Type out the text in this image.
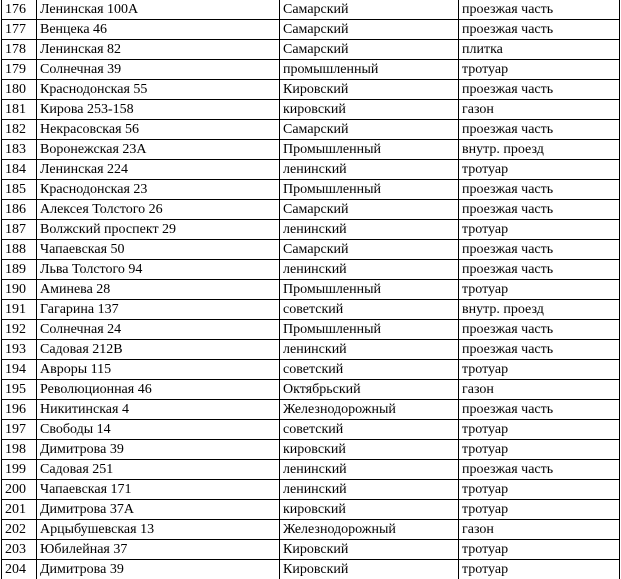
176	Ленинская 100А	Самарский	проезжая часть
177	Венцека 46	Самарский	проезжая часть
178	Ленинская 82	Самарский	плитка
179	Солнечная 39	промышленный	тротуар
180	Краснодонская 55	Кировский	проезжая часть
181	Кирова 253-158	кировский	газон
182	Некрасовская 56	Самарский	проезжая часть
183	Воронежская 23А	Промышленный	внутр. проезд
184	Ленинская 224	ленинский	тротуар
185	Краснодонская 23	Промышленный	проезжая часть
186	Алексея Толстого 26	Самарский	проезжая часть
187	Волжский проспект 29	ленинский	тротуар
188	Чапаевская 50	Самарский	проезжая часть
189	Льва Толстого 94	ленинский	проезжая часть
190	Аминева 28	Промышленный	тротуар
191	Гагарина 137	советский	внутр. проезд
192	Солнечная 24	Промышленный	проезжая часть
193	Садовая 212В	ленинский	проезжая часть
194	Авроры 115	советский	тротуар
195	Революционная 46	Октябрьский	газон
196	Никитинская 4	Железнодорожный	проезжая часть
197	Свободы 14	советский	тротуар
198	Димитрова 39	кировский	тротуар
199	Садовая 251	ленинский	проезжая часть
200	Чапаевская 171	ленинский	тротуар
201	Димитрова 37А	кировский	тротуар
202	Арцыбушевская 13	Железнодорожный	газон
203	Юбилейная 37	Кировский	тротуар
204	Димитрова 39	Кировский	тротуар
